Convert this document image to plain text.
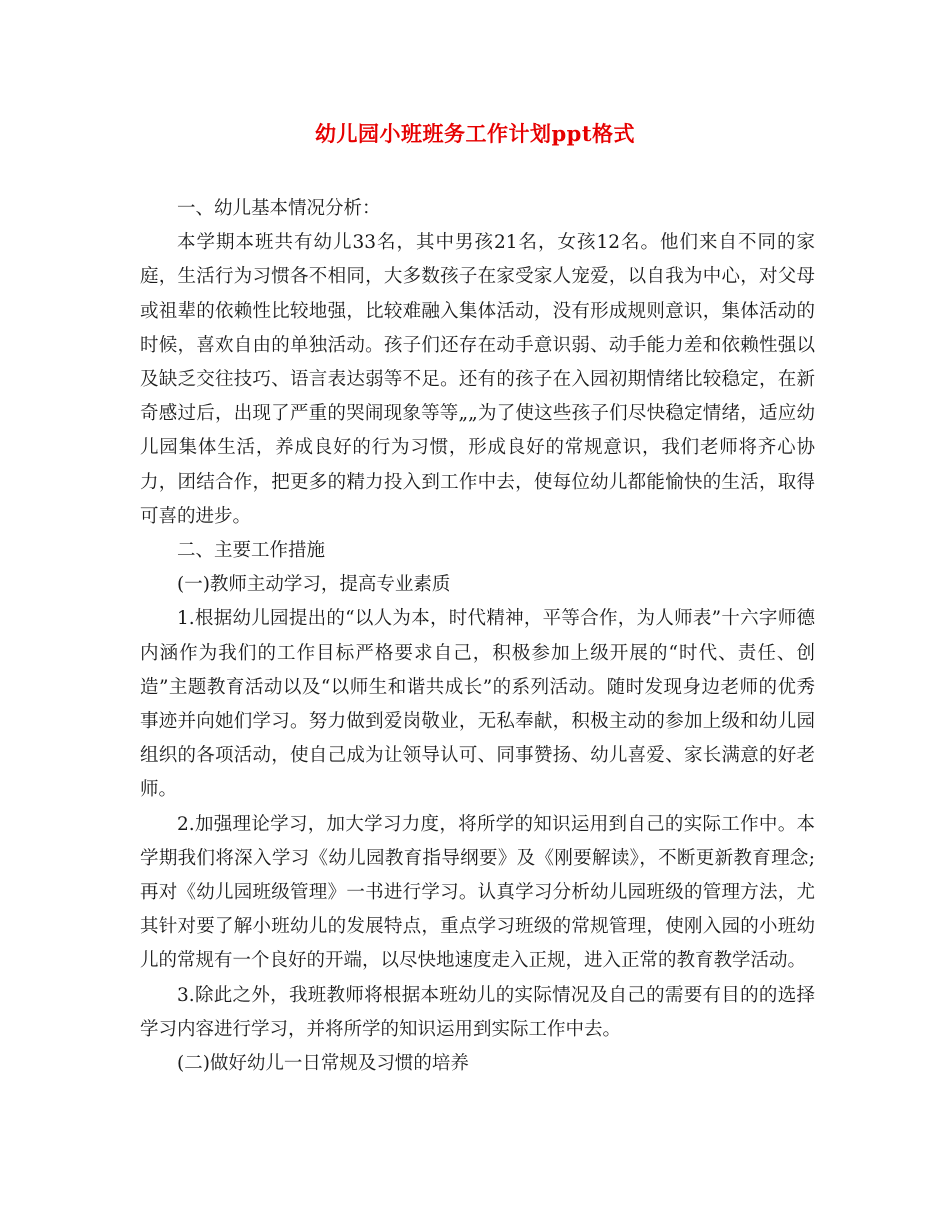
幼儿园小班班务工作计划ppt格式

一、幼儿基本情况分析：

本学期本班共有幼儿33名，其中男孩21名，女孩12名。他们来自不同的家庭，生活行为习惯各不相同，大多数孩子在家受家人宠爱，以自我为中心，对父母或祖辈的依赖性比较地强，比较难融入集体活动，没有形成规则意识，集体活动的时候，喜欢自由的单独活动。孩子们还存在动手意识弱、动手能力差和依赖性强以及缺乏交往技巧、语言表达弱等不足。还有的孩子在入园初期情绪比较稳定，在新奇感过后，出现了严重的哭闹现象等等„„为了使这些孩子们尽快稳定情绪，适应幼儿园集体生活，养成良好的行为习惯，形成良好的常规意识，我们老师将齐心协力，团结合作，把更多的精力投入到工作中去，使每位幼儿都能愉快的生活，取得可喜的进步。

二、主要工作措施

(一)教师主动学习，提高专业素质

1.根据幼儿园提出的“以人为本，时代精神，平等合作，为人师表”十六字师德内涵作为我们的工作目标严格要求自己，积极参加上级开展的“时代、责任、创造”主题教育活动以及“以师生和谐共成长”的系列活动。随时发现身边老师的优秀事迹并向她们学习。努力做到爱岗敬业，无私奉献，积极主动的参加上级和幼儿园组织的各项活动，使自己成为让领导认可、同事赞扬、幼儿喜爱、家长满意的好老师。

2.加强理论学习，加大学习力度，将所学的知识运用到自己的实际工作中。本学期我们将深入学习《幼儿园教育指导纲要》及《刚要解读》，不断更新教育理念;再对《幼儿园班级管理》一书进行学习。认真学习分析幼儿园班级的管理方法，尤其针对要了解小班幼儿的发展特点，重点学习班级的常规管理，使刚入园的小班幼儿的常规有一个良好的开端，以尽快地速度走入正规，进入正常的教育教学活动。

3.除此之外，我班教师将根据本班幼儿的实际情况及自己的需要有目的的选择学习内容进行学习，并将所学的知识运用到实际工作中去。

(二)做好幼儿一日常规及习惯的培养
